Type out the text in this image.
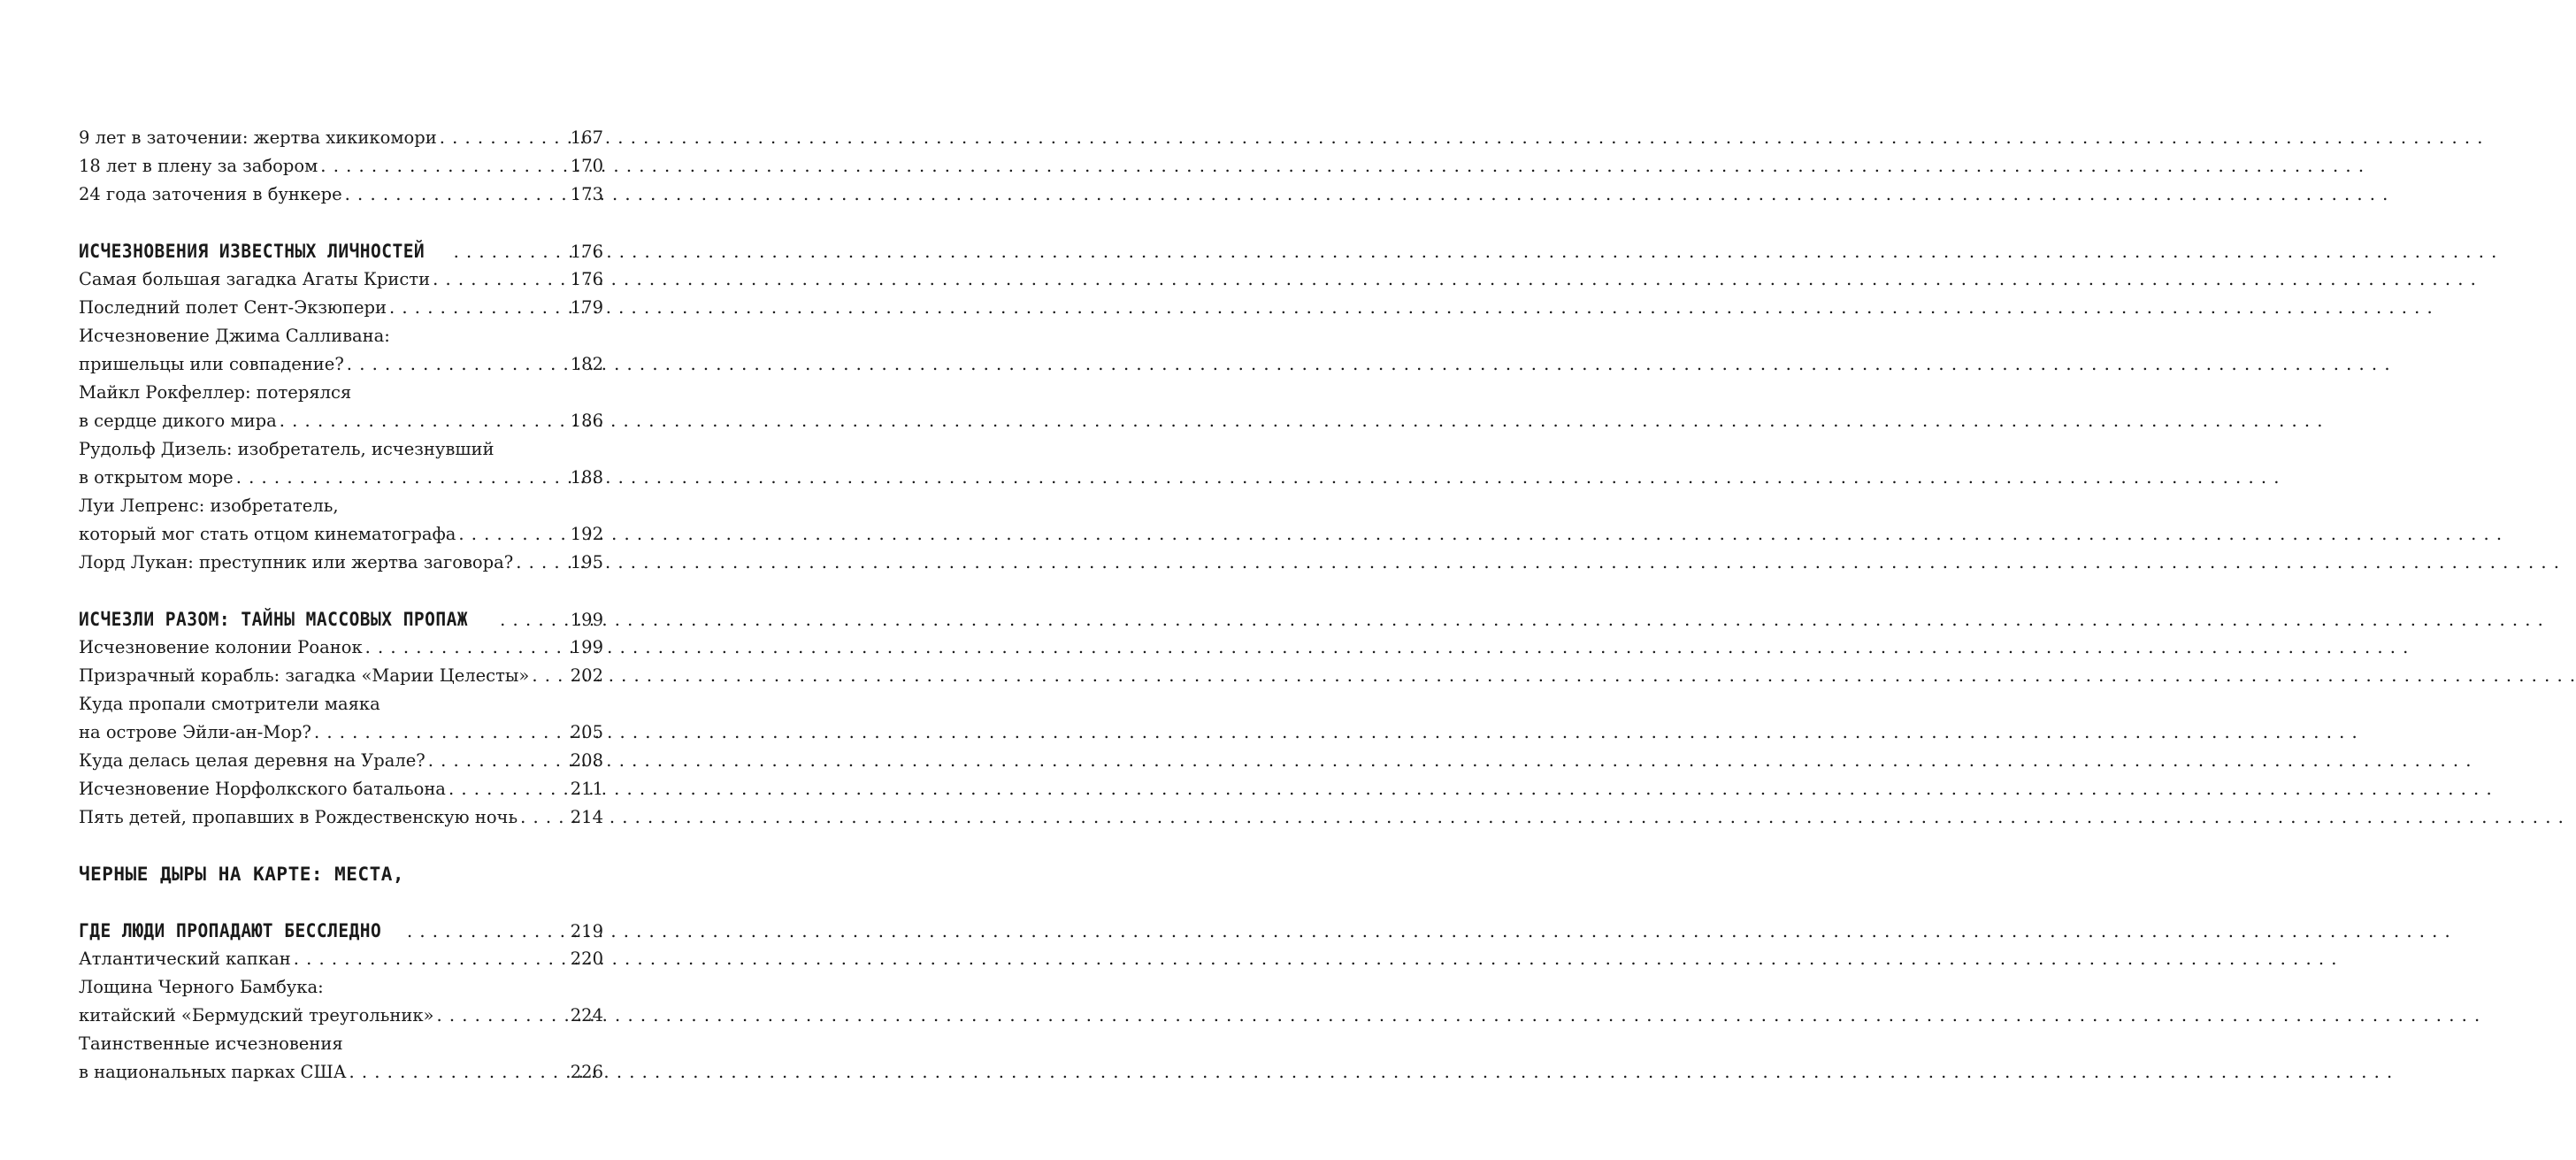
9 лет в заточении: жертва хикикомори . . .	167
18 лет в плену за забором . . .	170
24 года заточения в бункере . . .	173
ИСЧЕЗНОВЕНИЯ ИЗВЕСТНЫХ ЛИЧНОСТЕЙ . . .	176
Самая большая загадка Агаты Кристи . . .	176
Последний полет Сент-Экзюпери . . .	179
Исчезновение Джима Салливана:
пришельцы или совпадение? . . .	182
Майкл Рокфеллер: потерялся
в сердце дикого мира . . .	186
Рудольф Дизель: изобретатель, исчезнувший
в открытом море . . .	188
Луи Лепренс: изобретатель,
который мог стать отцом кинематографа . . .	192
Лорд Лукан: преступник или жертва заговора? . . .	195
ИСЧЕЗЛИ РАЗОМ: ТАЙНЫ МАССОВЫХ ПРОПАЖ . . .	199
Исчезновение колонии Роанок . . .	199
Призрачный корабль: загадка «Марии Целесты» . . . 202
Куда пропали смотрители маяка
на острове Эйли-ан-Мор? . . .	205
Куда делась целая деревня на Урале? . . .	208
Исчезновение Норфолкского батальона . . .	211
Пять детей, пропавших в Рождественскую ночь . . .	214
ЧЕРНЫЕ ДЫРЫ НА КАРТЕ: МЕСТА,
ГДЕ ЛЮДИ ПРОПАДАЮТ БЕССЛЕДНО . . .	219
Атлантический капкан . . .	220
Лощина Черного Бамбука:
китайский «Бермудский треугольник» . . .	224
Таинственные исчезновения
в национальных парках США . . .	226
